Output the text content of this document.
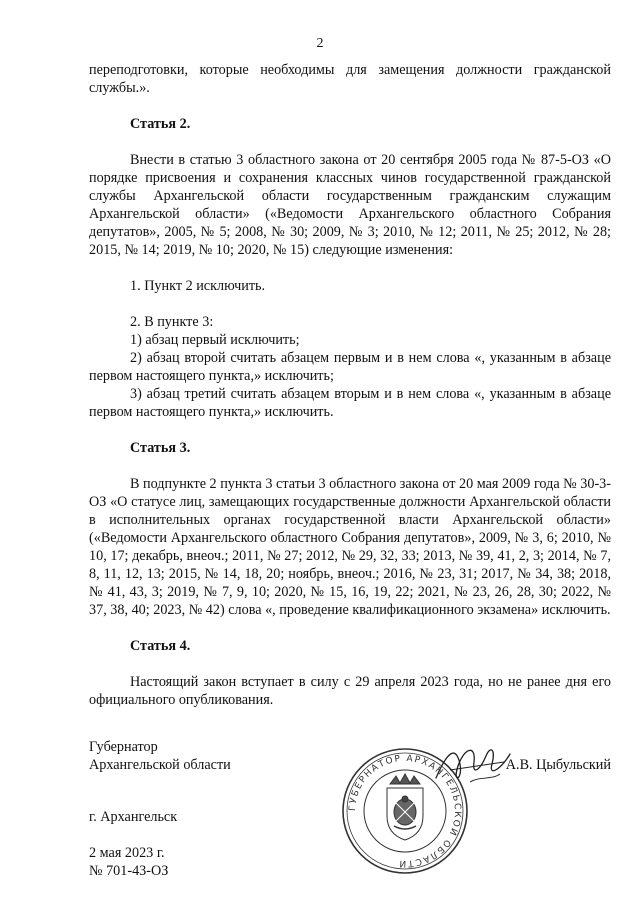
2

переподготовки, которые необходимы для замещения должности гражданской службы.».

Статья 2.

Внести в статью 3 областного закона от 20 сентября 2005 года № 87-5-ОЗ «О порядке присвоения и сохранения классных чинов государственной гражданской службы Архангельской области государственным гражданским служащим Архангельской области» («Ведомости Архангельского областного Собрания депутатов», 2005, № 5; 2008, № 30; 2009, № 3; 2010, № 12; 2011, № 25; 2012, № 28; 2015, № 14; 2019, № 10; 2020, № 15) следующие изменения:

1. Пункт 2 исключить.

2. В пункте 3:

1) абзац первый исключить;

2) абзац второй считать абзацем первым и в нем слова «, указанным в абзаце первом настоящего пункта,» исключить;

3) абзац третий считать абзацем вторым и в нем слова «, указанным в абзаце первом настоящего пункта,» исключить.

Статья 3.

В подпункте 2 пункта 3 статьи 3 областного закона от 20 мая 2009 года № 30-3-ОЗ «О статусе лиц, замещающих государственные должности Архангельской области в исполнительных органах государственной власти Архангельской области» («Ведомости Архангельского областного Собрания депутатов», 2009, № 3, 6; 2010, № 10, 17; декабрь, внеоч.; 2011, № 27; 2012, № 29, 32, 33; 2013, № 39, 41, 2, 3; 2014, № 7, 8, 11, 12, 13; 2015, № 14, 18, 20; ноябрь, внеоч.; 2016, № 23, 31; 2017, № 34, 38; 2018, № 41, 43, 3; 2019, № 7, 9, 10; 2020, № 15, 16, 19, 22; 2021, № 23, 26, 28, 30; 2022, № 37, 38, 40; 2023, № 42) слова «, проведение квалификационного экзамена» исключить.

Статья 4.

Настоящий закон вступает в силу с 29 апреля 2023 года, но не ранее дня его официального опубликования.

Губернатор

Архангельской области	А.В. Цыбульский

г. Архангельск

2 мая 2023 г.

№ 701-43-ОЗ

ГУБЕРНАТОР АРХАНГЕЛЬСКОЙ ОБЛАСТИ
